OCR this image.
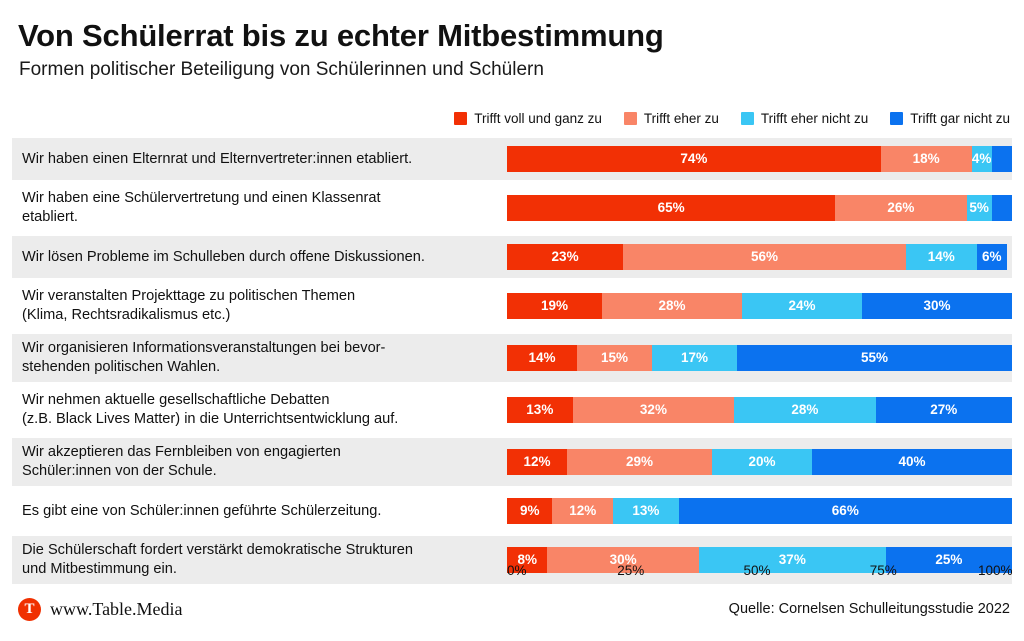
Von Schülerrat bis zu echter Mitbestimmung
Formen politischer Beteiligung von Schülerinnen und Schülern
Trifft voll und ganz zu	Trifft eher zu	Trifft eher nicht zu	Trifft gar nicht zu
Wir haben einen Elternrat und Elternvertreter:innen etabliert.	74%	18%	4%
Wir haben eine Schülervertretung und einen Klassenrat
etabliert.
65%	26%	5%
Wir lösen Probleme im Schulleben durch offene Diskussionen.	23%	56%	14%	6%
Wir veranstalten Projekttage zu politischen Themen
(Klima, Rechtsradikalismus etc.)
19%	28%	24%	30%
Wir organisieren Informationsveranstaltungen bei bevor-
stehenden politischen Wahlen.
14%	15%	17%	55%
Wir nehmen aktuelle gesellschaftliche Debatten
(z.B. Black Lives Matter) in die Unterrichtsentwicklung auf.
13%	32%	28%	27%
Wir akzeptieren das Fernbleiben von engagierten
Schüler:innen von der Schule.
12%	29%	20%	40%
Es gibt eine von Schüler:innen geführte Schülerzeitung.	9%	12%	13%	66%
Die Schülerschaft fordert verstärkt demokratische Strukturen
und Mitbestimmung ein.
8%	30%	37%	25%
0%	25%	50%	75%	100%
T www.Table.Media	Quelle: Cornelsen Schulleitungsstudie 2022
